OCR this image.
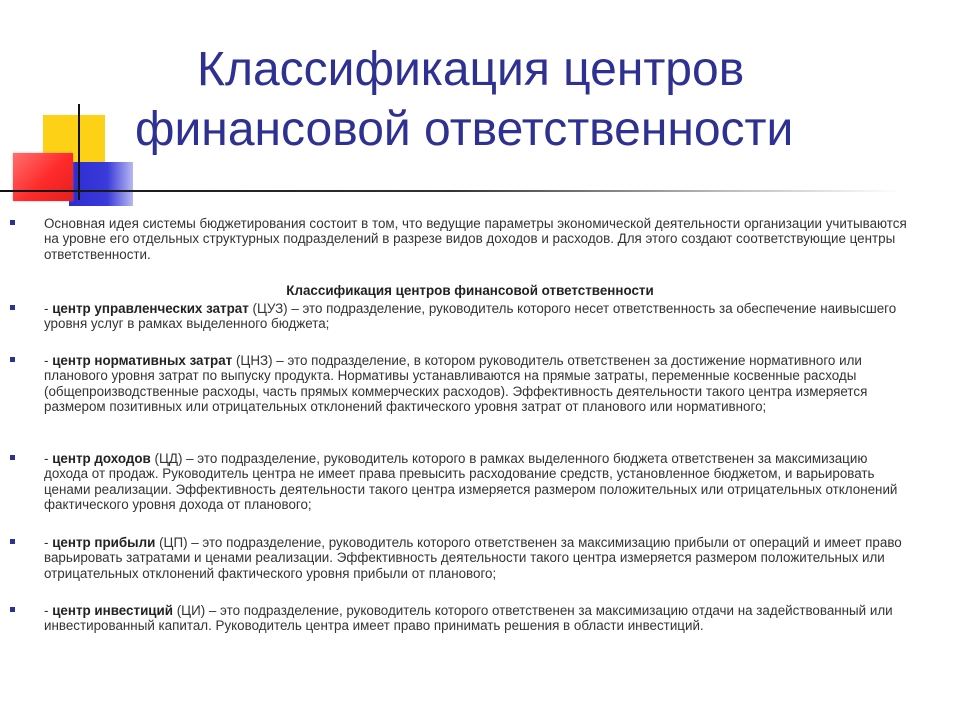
Классификация центров
финансовой ответственности

Основная идея системы бюджетирования состоит в том, что ведущие параметры экономической деятельности организации учитываются на уровне его отдельных структурных подразделений в разрезе видов доходов и расходов. Для этого создают соответствующие центры ответственности.

Классификация центров финансовой ответственности

- центр управленческих затрат (ЦУЗ) – это подразделение, руководитель которого несет ответственность за обеспечение наивысшего уровня услуг в рамках выделенного бюджета;

- центр нормативных затрат (ЦНЗ) – это подразделение, в котором руководитель ответственен за достижение нормативного или планового уровня затрат по выпуску продукта. Нормативы устанавливаются на прямые затраты, переменные косвенные расходы (общепроизводственные расходы, часть прямых коммерческих расходов). Эффективность деятельности такого центра измеряется размером позитивных или отрицательных отклонений фактического уровня затрат от планового или нормативного;

- центр доходов (ЦД) – это подразделение, руководитель которого в рамках выделенного бюджета ответственен за максимизацию дохода от продаж. Руководитель центра не имеет права превысить расходование средств, установленное бюджетом, и варьировать ценами реализации. Эффективность деятельности такого центра измеряется размером положительных или отрицательных отклонений фактического уровня дохода от планового;

- центр прибыли (ЦП) – это подразделение, руководитель которого ответственен за максимизацию прибыли от операций и имеет право варьировать затратами и ценами реализации. Эффективность деятельности такого центра измеряется размером положительных или отрицательных отклонений фактического уровня прибыли от планового;

- центр инвестиций (ЦИ) – это подразделение, руководитель которого ответственен за максимизацию отдачи на задействованный или инвестированный капитал. Руководитель центра имеет право принимать решения в области инвестиций.
